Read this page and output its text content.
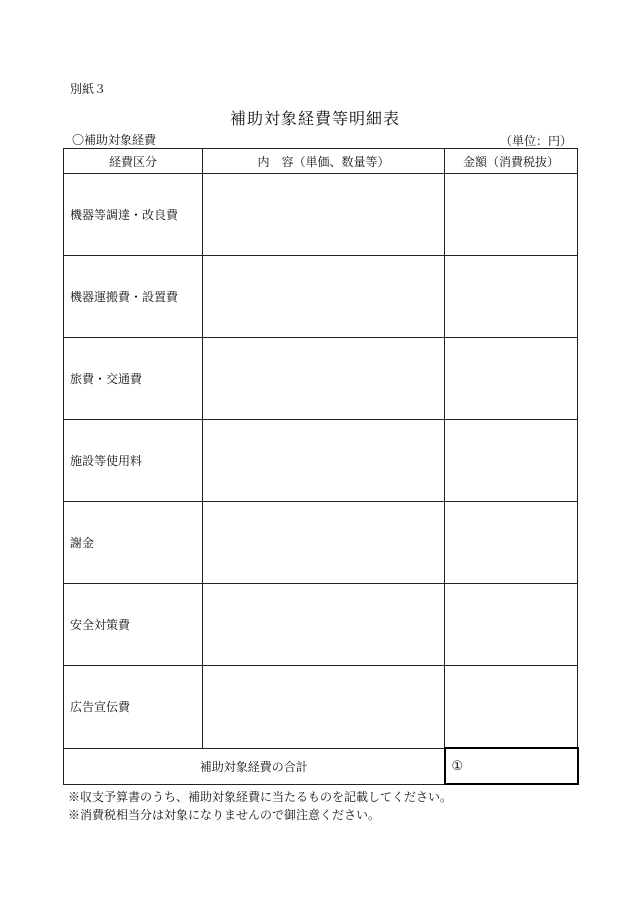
別紙３
補助対象経費等明細表
〇補助対象経費	（単位：円）
経費区分	内　容（単価、数量等）	金額（消費税抜）
機器等調達・改良費		
機器運搬費・設置費		
旅費・交通費		
施設等使用料		
謝金		
安全対策費		
広告宣伝費		
補助対象経費の合計		①
※収支予算書のうち、補助対象経費に当たるものを記載してください。
※消費税相当分は対象になりませんので御注意ください。
